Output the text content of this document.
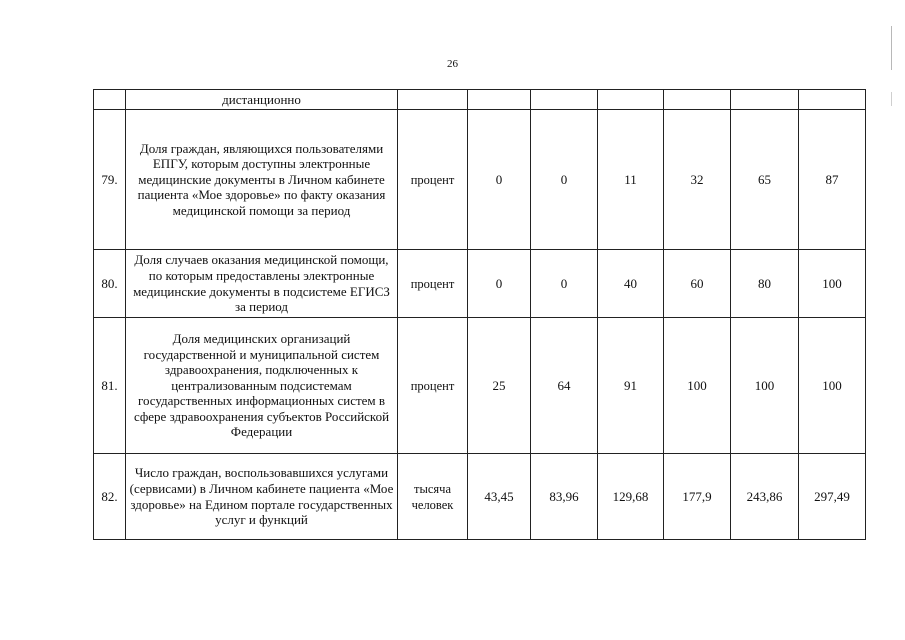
26
	дистанционно							
79.	Доля граждан, являющихся пользователями ЕПГУ, которым доступны электронные медицинские документы в Личном кабинете пациента «Мое здоровье» по факту оказания медицинской помощи за период	процент	0	0	11	32	65	87
80.	Доля случаев оказания медицинской помощи, по которым предоставлены электронные медицинские документы в подсистеме ЕГИСЗ за период	процент	0	0	40	60	80	100
81.	Доля медицинских организаций государственной и муниципальной систем здравоохранения, подключенных к централизованным подсистемам государственных информационных систем в сфере здравоохранения субъектов Российской Федерации	процент	25	64	91	100	100	100
82.	Число граждан, воспользовавшихся услугами (сервисами) в Личном кабинете пациента «Мое здоровье» на Едином портале государственных услуг и функций	тысяча человек	43,45	83,96	129,68	177,9	243,86	297,49
